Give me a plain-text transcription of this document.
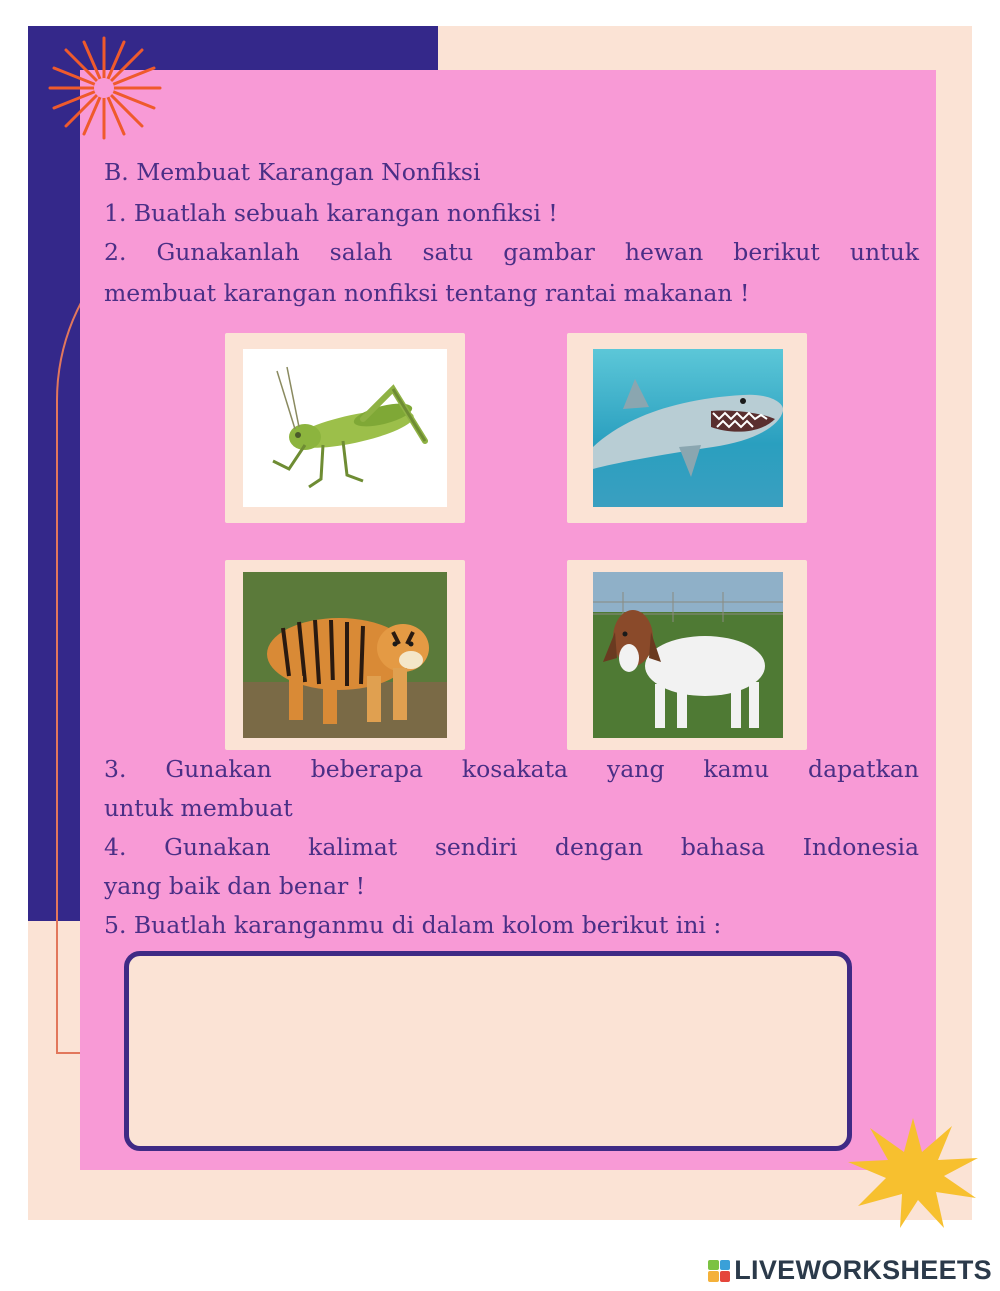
B. Membuat Karangan Nonfiksi
1. Buatlah sebuah karangan nonfiksi !
2. Gunakanlah salah satu gambar hewan berikut untuk
membuat karangan nonfiksi tentang rantai makanan !
3. Gunakan beberapa kosakata yang kamu dapatkan
untuk membuat
4. Gunakan kalimat sendiri dengan bahasa Indonesia
yang baik dan benar !
5. Buatlah karanganmu di dalam kolom berikut ini :
LIVEWORKSHEETS
